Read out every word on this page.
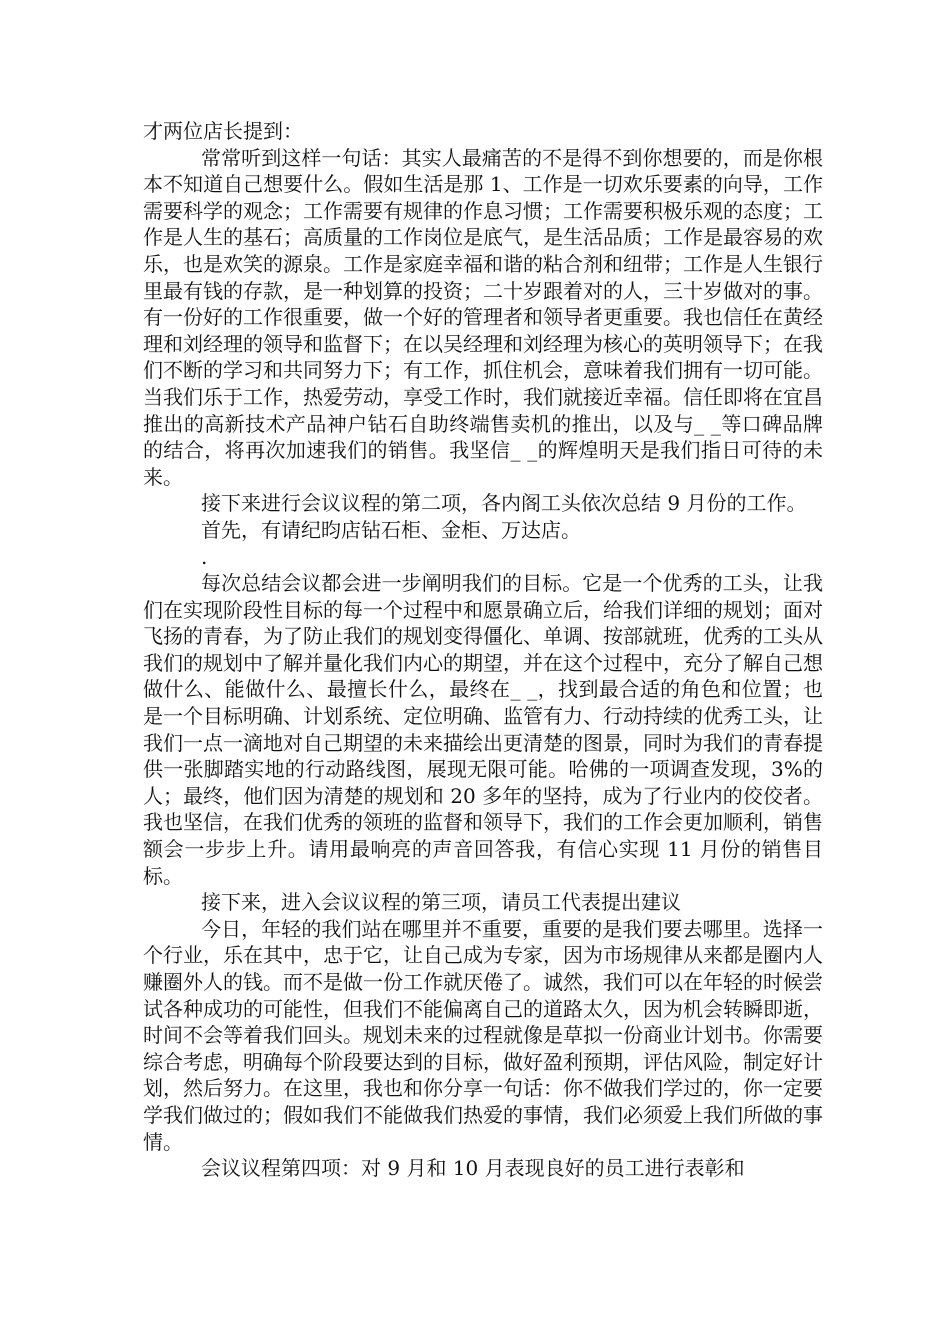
才两位店长提到：

常常听到这样一句话：其实人最痛苦的不是得不到你想要的，而是你根本不知道自己想要什么。假如生活是那 1、工作是一切欢乐要素的向导，工作需要科学的观念；工作需要有规律的作息习惯；工作需要积极乐观的态度；工作是人生的基石；高质量的工作岗位是底气，是生活品质；工作是最容易的欢乐，也是欢笑的源泉。工作是家庭幸福和谐的粘合剂和纽带；工作是人生银行里最有钱的存款，是一种划算的投资；二十岁跟着对的人，三十岁做对的事。有一份好的工作很重要，做一个好的管理者和领导者更重要。我也信任在黄经理和刘经理的领导和监督下；在以吴经理和刘经理为核心的英明领导下；在我们不断的学习和共同努力下；有工作，抓住机会，意味着我们拥有一切可能。当我们乐于工作，热爱劳动，享受工作时，我们就接近幸福。信任即将在宜昌推出的高新技术产品神户钻石自助终端售卖机的推出，以及与_ _等口碑品牌的结合，将再次加速我们的销售。我坚信_ _的辉煌明天是我们指日可待的未来。

接下来进行会议议程的第二项，各内阁工头依次总结 9 月份的工作。

首先，有请纪昀店钻石柜、金柜、万达店。

.

每次总结会议都会进一步阐明我们的目标。它是一个优秀的工头，让我们在实现阶段性目标的每一个过程中和愿景确立后，给我们详细的规划；面对飞扬的青春，为了防止我们的规划变得僵化、单调、按部就班，优秀的工头从我们的规划中了解并量化我们内心的期望，并在这个过程中，充分了解自己想做什么、能做什么、最擅长什么，最终在_ _，找到最合适的角色和位置；也是一个目标明确、计划系统、定位明确、监管有力、行动持续的优秀工头，让我们一点一滴地对自己期望的未来描绘出更清楚的图景，同时为我们的青春提供一张脚踏实地的行动路线图，展现无限可能。哈佛的一项调查发现，3%的人；最终，他们因为清楚的规划和 20 多年的坚持，成为了行业内的佼佼者。我也坚信，在我们优秀的领班的监督和领导下，我们的工作会更加顺利，销售额会一步步上升。请用最响亮的声音回答我，有信心实现 11 月份的销售目标。

接下来，进入会议议程的第三项，请员工代表提出建议

今日，年轻的我们站在哪里并不重要，重要的是我们要去哪里。选择一个行业，乐在其中，忠于它，让自己成为专家，因为市场规律从来都是圈内人赚圈外人的钱。而不是做一份工作就厌倦了。诚然，我们可以在年轻的时候尝试各种成功的可能性，但我们不能偏离自己的道路太久，因为机会转瞬即逝，时间不会等着我们回头。规划未来的过程就像是草拟一份商业计划书。你需要综合考虑，明确每个阶段要达到的目标，做好盈利预期，评估风险，制定好计划，然后努力。在这里，我也和你分享一句话：你不做我们学过的，你一定要学我们做过的；假如我们不能做我们热爱的事情，我们必须爱上我们所做的事情。

会议议程第四项：对 9 月和 10 月表现良好的员工进行表彰和
